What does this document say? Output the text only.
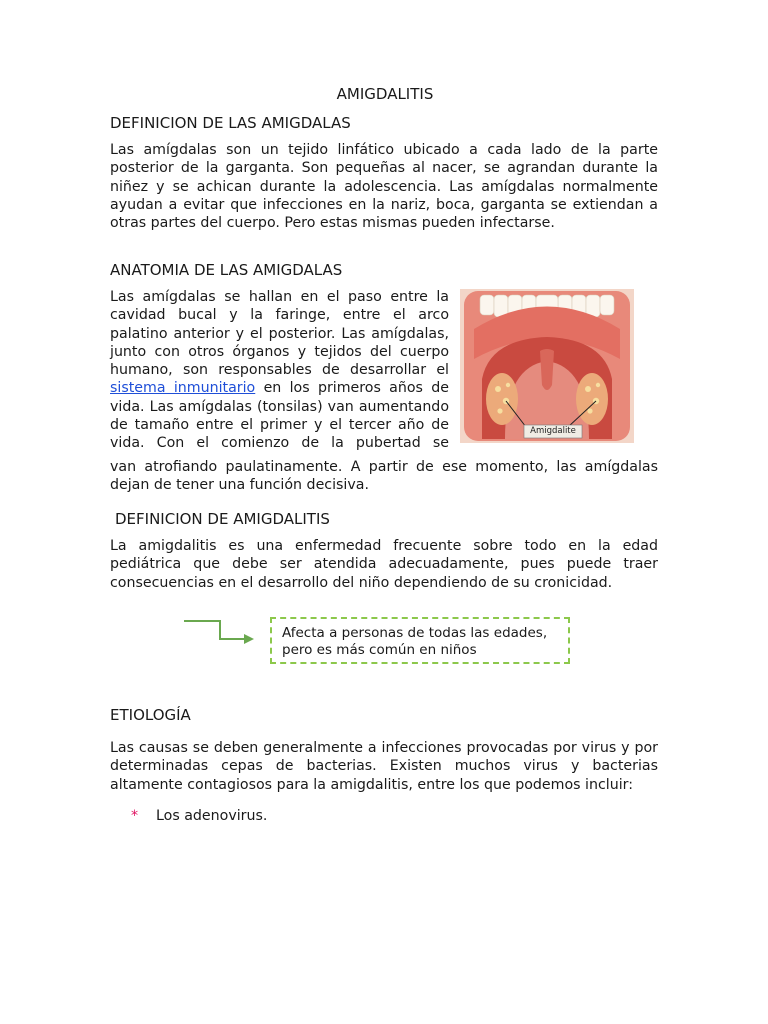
AMIGDALITIS
DEFINICION DE LAS AMIGDALAS
Las amígdalas son un tejido linfático ubicado a cada lado de la parte posterior de la garganta. Son pequeñas al nacer, se agrandan durante la niñez y se achican durante la adolescencia. Las amígdalas normalmente ayudan a evitar que infecciones en la nariz, boca, garganta se extiendan a otras partes del cuerpo. Pero estas mismas pueden infectarse.
ANATOMIA DE LAS AMIGDALAS
Las amígdalas se hallan en el paso entre la cavidad bucal y la faringe, entre el arco palatino anterior y el posterior. Las amígdalas, junto con otros órganos y tejidos del cuerpo humano, son responsables de desarrollar el sistema inmunitario en los primeros años de vida. Las amígdalas (tonsilas) van aumentando de tamaño entre el primer y el tercer año de vida. Con el comienzo de la pubertad se
van atrofiando paulatinamente. A partir de ese momento, las amígdalas dejan de tener una función decisiva.
Amigdalite
DEFINICION DE AMIGDALITIS
La amigdalitis es una enfermedad frecuente sobre todo en la edad pediátrica que debe ser atendida adecuadamente, pues puede traer consecuencias en el desarrollo del niño dependiendo de su cronicidad.
Afecta a personas de todas las edades, pero es más común en niños
ETIOLOGÍA
Las causas se deben generalmente a infecciones provocadas por virus y por determinadas cepas de bacterias. Existen muchos virus y bacterias altamente contagiosos para la amigdalitis, entre los que podemos incluir:
* Los adenovirus.
